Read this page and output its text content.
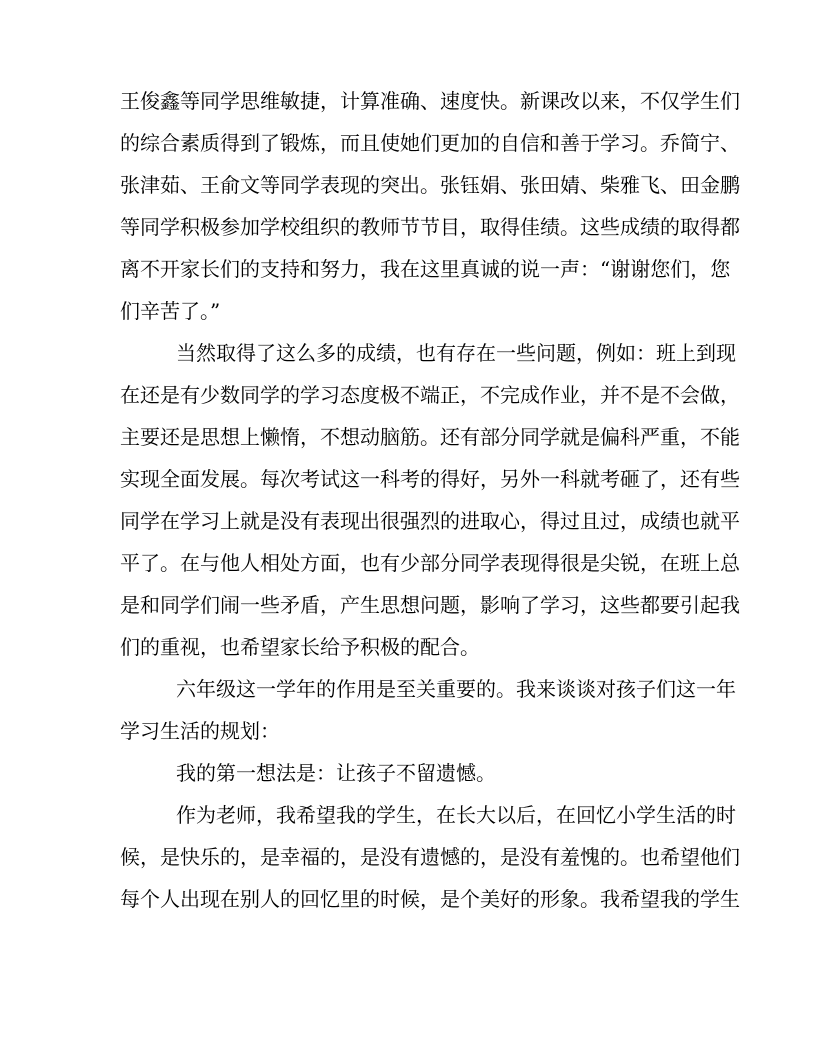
王俊鑫等同学思维敏捷，计算准确、速度快。新课改以来，不仅学生们
的综合素质得到了锻炼，而且使她们更加的自信和善于学习。乔简宁、
张津茹、王俞文等同学表现的突出。张钰娟、张田婧、柴雅飞、田金鹏
等同学积极参加学校组织的教师节节目，取得佳绩。这些成绩的取得都
离不开家长们的支持和努力，我在这里真诚的说一声：“谢谢您们，您
们辛苦了。”
当然取得了这么多的成绩，也有存在一些问题，例如：班上到现
在还是有少数同学的学习态度极不端正，不完成作业，并不是不会做，
主要还是思想上懒惰，不想动脑筋。还有部分同学就是偏科严重，不能
实现全面发展。每次考试这一科考的得好，另外一科就考砸了，还有些
同学在学习上就是没有表现出很强烈的进取心，得过且过，成绩也就平
平了。在与他人相处方面，也有少部分同学表现得很是尖锐，在班上总
是和同学们闹一些矛盾，产生思想问题，影响了学习，这些都要引起我
们的重视，也希望家长给予积极的配合。
六年级这一学年的作用是至关重要的。我来谈谈对孩子们这一年
学习生活的规划：
我的第一想法是：让孩子不留遗憾。
作为老师，我希望我的学生，在长大以后，在回忆小学生活的时
候，是快乐的，是幸福的，是没有遗憾的，是没有羞愧的。也希望他们
每个人出现在别人的回忆里的时候，是个美好的形象。我希望我的学生
